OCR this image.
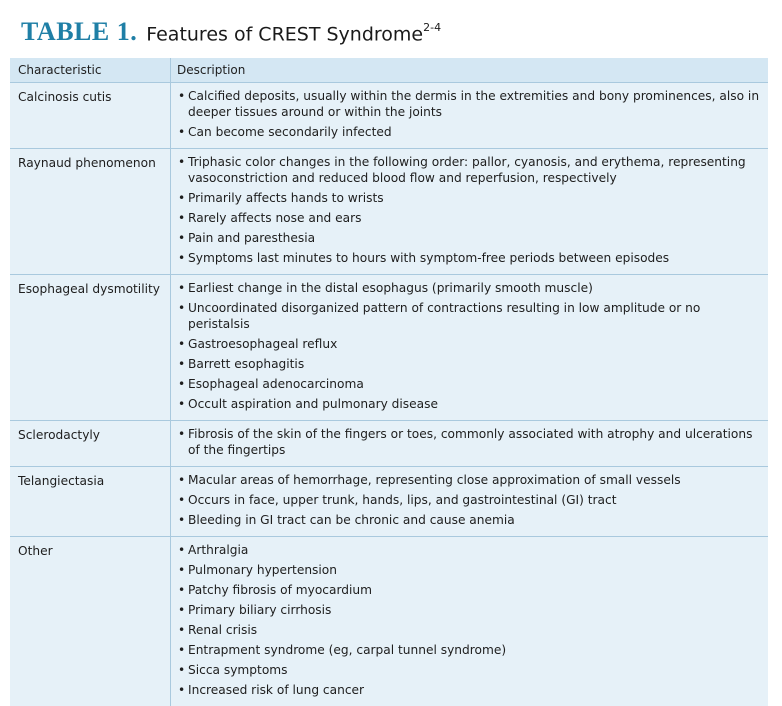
TABLE 1. Features of CREST Syndrome$^{2-4}$
Characteristic	Description
Calcinosis cutis	• Calcified deposits, usually within the dermis in the extremities and bony prominences, also in deeper tissues around or within the joints
• Can become secondarily infected
Raynaud phenomenon	• Triphasic color changes in the following order: pallor, cyanosis, and erythema, representing vasoconstriction and reduced blood flow and reperfusion, respectively
• Primarily affects hands to wrists
• Rarely affects nose and ears
• Pain and paresthesia
• Symptoms last minutes to hours with symptom-free periods between episodes
Esophageal dysmotility	• Earliest change in the distal esophagus (primarily smooth muscle)
• Uncoordinated disorganized pattern of contractions resulting in low amplitude or no peristalsis
• Gastroesophageal reflux
• Barrett esophagitis
• Esophageal adenocarcinoma
• Occult aspiration and pulmonary disease
Sclerodactyly	• Fibrosis of the skin of the fingers or toes, commonly associated with atrophy and ulcerations of the fingertips
Telangiectasia	• Macular areas of hemorrhage, representing close approximation of small vessels
• Occurs in face, upper trunk, hands, lips, and gastrointestinal (GI) tract
• Bleeding in GI tract can be chronic and cause anemia
Other	• Arthralgia
• Pulmonary hypertension
• Patchy fibrosis of myocardium
• Primary biliary cirrhosis
• Renal crisis
• Entrapment syndrome (eg, carpal tunnel syndrome)
• Sicca symptoms
• Increased risk of lung cancer
